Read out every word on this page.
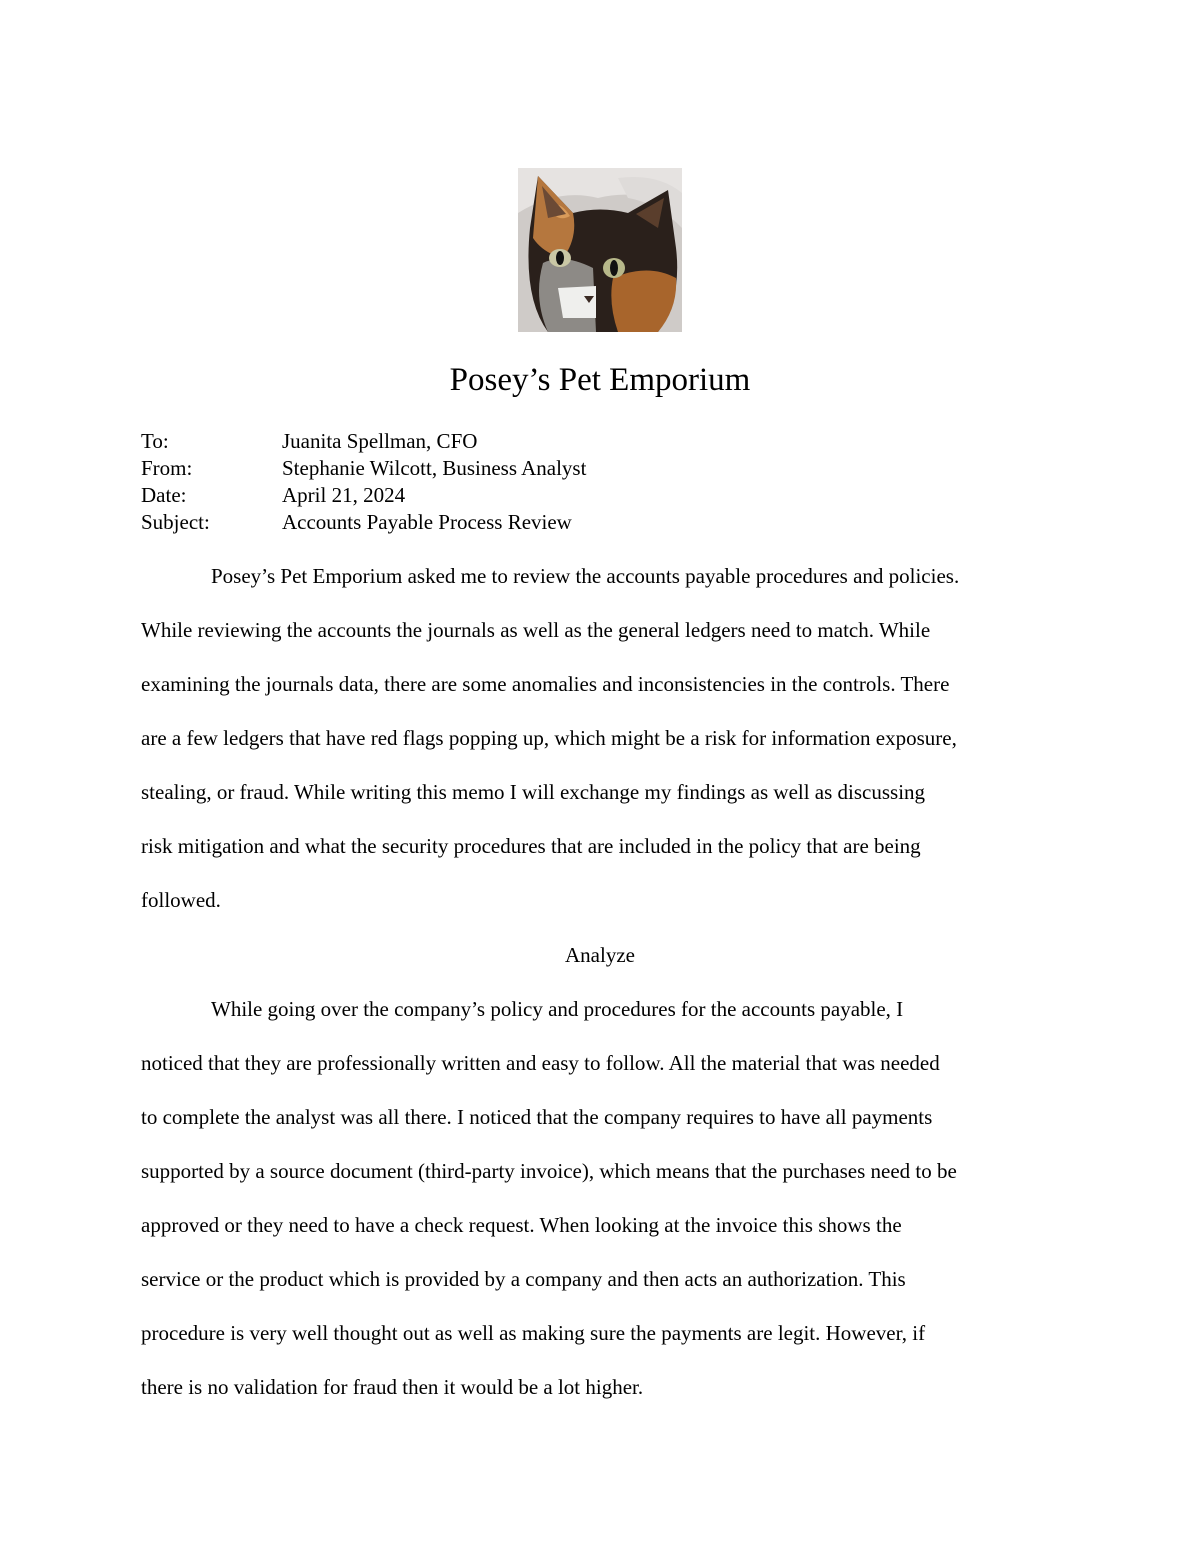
Posey’s Pet Emporium
To:	Juanita Spellman, CFO
From:	Stephanie Wilcott, Business Analyst
Date:	April 21, 2024
Subject:	Accounts Payable Process Review
Posey’s Pet Emporium asked me to review the accounts payable procedures and policies.
While reviewing the accounts the journals as well as the general ledgers need to match. While
examining the journals data, there are some anomalies and inconsistencies in the controls. There
are a few ledgers that have red flags popping up, which might be a risk for information exposure,
stealing, or fraud. While writing this memo I will exchange my findings as well as discussing
risk mitigation and what the security procedures that are included in the policy that are being
followed.
Analyze
While going over the company’s policy and procedures for the accounts payable, I
noticed that they are professionally written and easy to follow. All the material that was needed
to complete the analyst was all there. I noticed that the company requires to have all payments
supported by a source document (third-party invoice), which means that the purchases need to be
approved or they need to have a check request. When looking at the invoice this shows the
service or the product which is provided by a company and then acts an authorization. This
procedure is very well thought out as well as making sure the payments are legit. However, if
there is no validation for fraud then it would be a lot higher.
